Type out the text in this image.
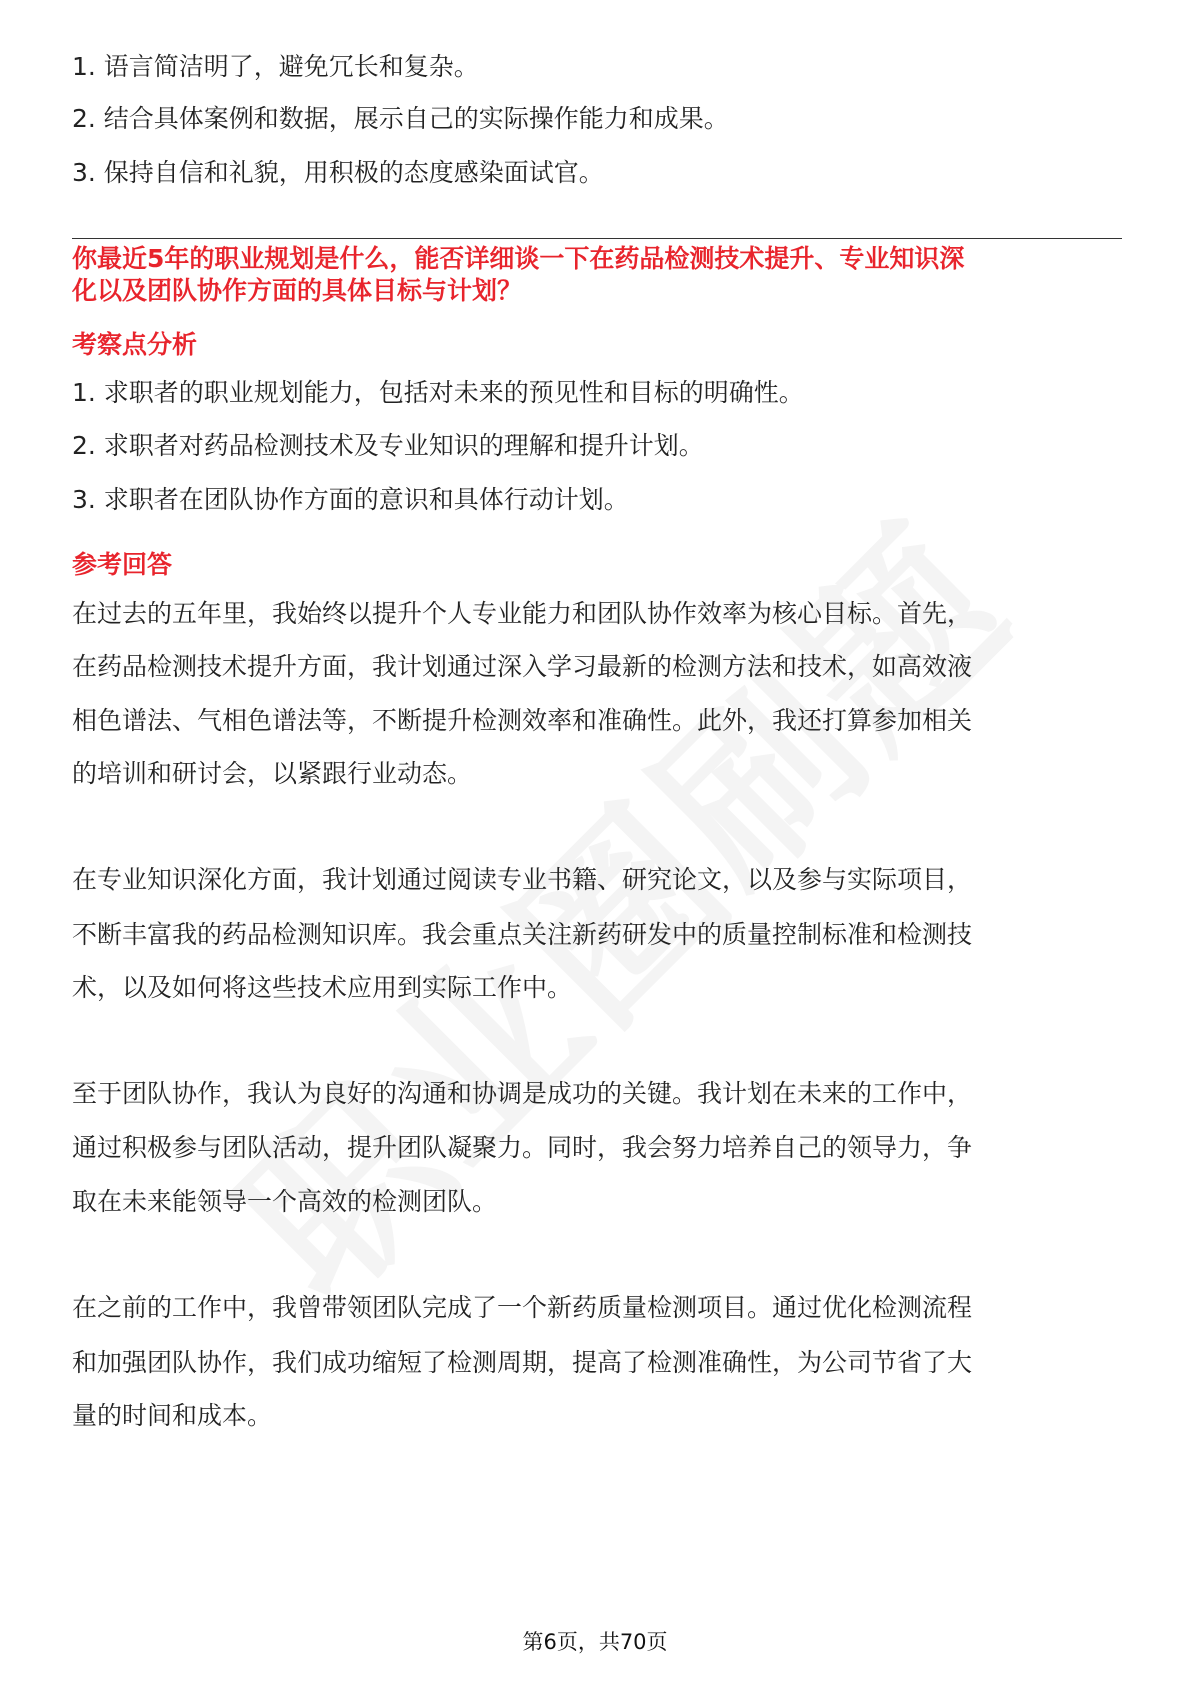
1. 语言简洁明了，避免冗长和复杂。
2. 结合具体案例和数据，展示自己的实际操作能力和成果。
3. 保持自信和礼貌，用积极的态度感染面试官。
你最近5年的职业规划是什么，能否详细谈一下在药品检测技术提升、专业知识深
化以及团队协作方面的具体目标与计划？
考察点分析
1. 求职者的职业规划能力，包括对未来的预见性和目标的明确性。
2. 求职者对药品检测技术及专业知识的理解和提升计划。
3. 求职者在团队协作方面的意识和具体行动计划。
参考回答
在过去的五年里，我始终以提升个人专业能力和团队协作效率为核心目标。首先，
在药品检测技术提升方面，我计划通过深入学习最新的检测方法和技术，如高效液
相色谱法、气相色谱法等，不断提升检测效率和准确性。此外，我还打算参加相关
的培训和研讨会，以紧跟行业动态。
在专业知识深化方面，我计划通过阅读专业书籍、研究论文，以及参与实际项目，
不断丰富我的药品检测知识库。我会重点关注新药研发中的质量控制标准和检测技
术，以及如何将这些技术应用到实际工作中。
至于团队协作，我认为良好的沟通和协调是成功的关键。我计划在未来的工作中，
通过积极参与团队活动，提升团队凝聚力。同时，我会努力培养自己的领导力，争
取在未来能领导一个高效的检测团队。
在之前的工作中，我曾带领团队完成了一个新药质量检测项目。通过优化检测流程
和加强团队协作，我们成功缩短了检测周期，提高了检测准确性，为公司节省了大
量的时间和成本。
第6页，共70页
